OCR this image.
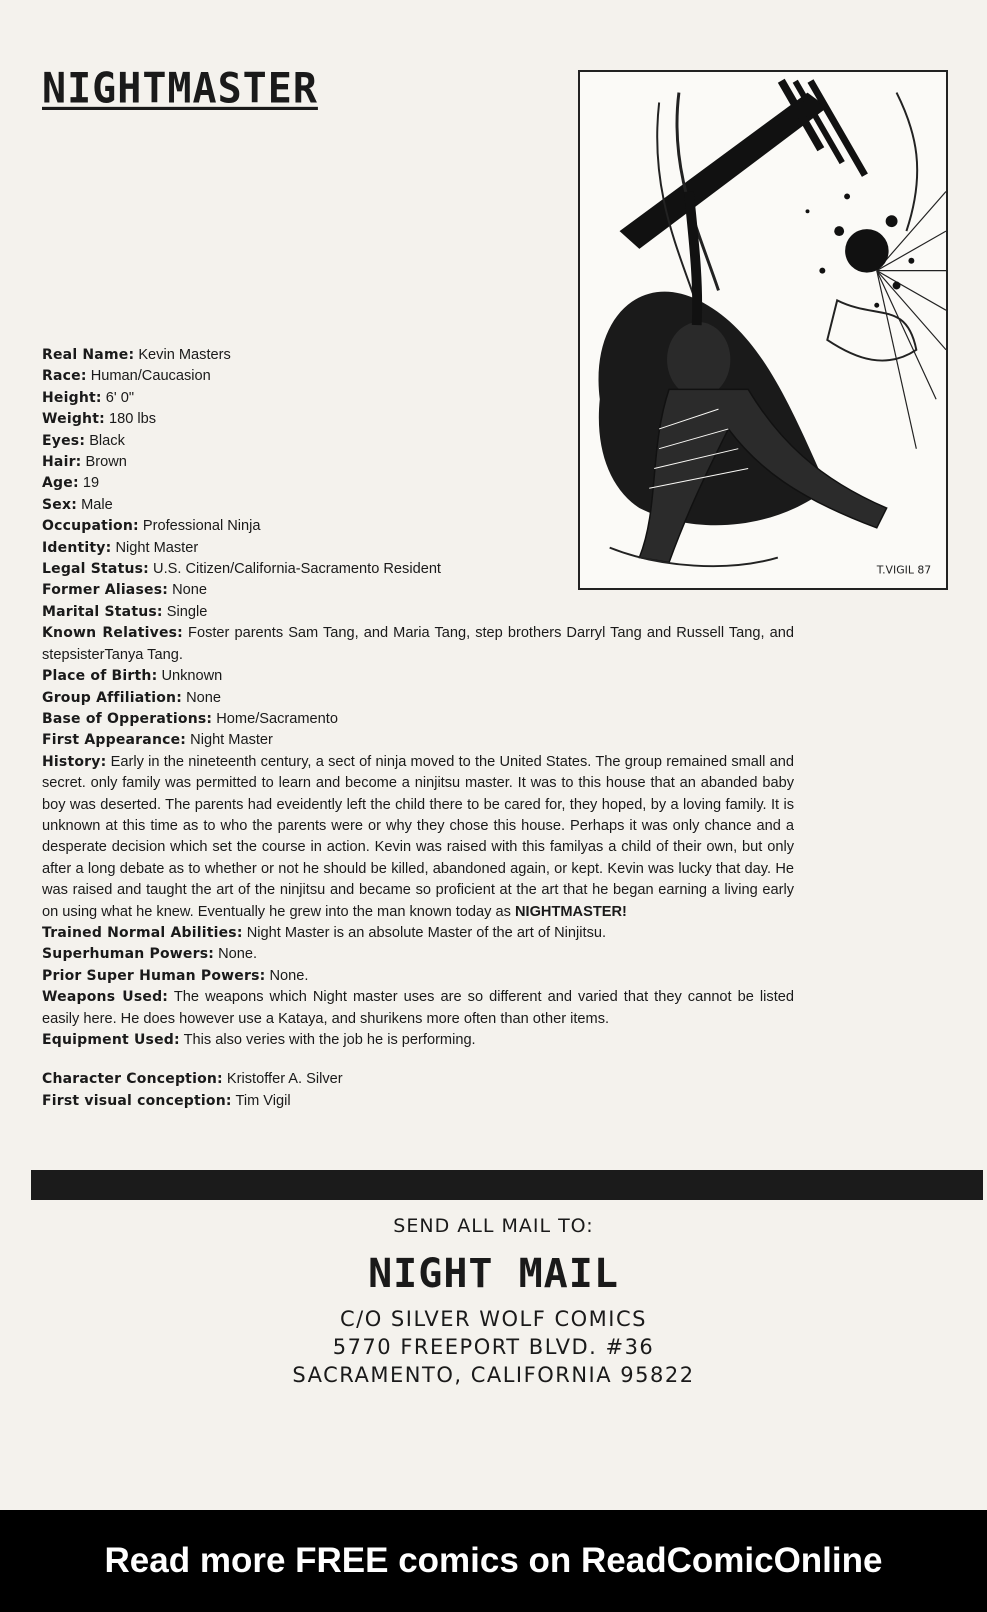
NIGHTMASTER
T.VIGIL 87

Real Name: Kevin Masters

Race: Human/Caucasion

Height: 6' 0"

Weight: 180 lbs

Eyes: Black

Hair: Brown

Age: 19

Sex: Male

Occupation: Professional Ninja

Identity: Night Master

Legal Status: U.S. Citizen/California-Sacramento Resident

Former Aliases: None

Marital Status: Single

Known Relatives: Foster parents Sam Tang, and Maria Tang, step brothers Darryl Tang and Russell Tang, and stepsisterTanya Tang.

Place of Birth: Unknown

Group Affiliation: None

Base of Opperations: Home/Sacramento

First Appearance: Night Master

History: Early in the nineteenth century, a sect of ninja moved to the United States. The group remained small and secret. only family was permitted to learn and become a ninjitsu master. It was to this house that an abanded baby boy was deserted. The parents had eveidently left the child there to be cared for, they hoped, by a loving family. It is unknown at this time as to who the parents were or why they chose this house. Perhaps it was only chance and a desperate decision which set the course in action. Kevin was raised with this familyas a child of their own, but only after a long debate as to whether or not he should be killed, abandoned again, or kept. Kevin was lucky that day. He was raised and taught the art of the ninjitsu and became so proficient at the art that he began earning a living early on using what he knew. Eventually he grew into the man known today as NIGHTMASTER!

Trained Normal Abilities: Night Master is an absolute Master of the art of Ninjitsu.

Superhuman Powers: None.

Prior Super Human Powers: None.

Weapons Used: The weapons which Night master uses are so different and varied that they cannot be listed easily here. He does however use a Kataya, and shurikens more often than other items.

Equipment Used: This also veries with the job he is performing.

Character Conception: Kristoffer A. Silver

First visual conception: Tim Vigil

SEND ALL MAIL TO:

NIGHT MAIL

C/O SILVER WOLF COMICS

5770 FREEPORT BLVD. #36

SACRAMENTO, CALIFORNIA 95822

Read more FREE comics on ReadComicOnline
